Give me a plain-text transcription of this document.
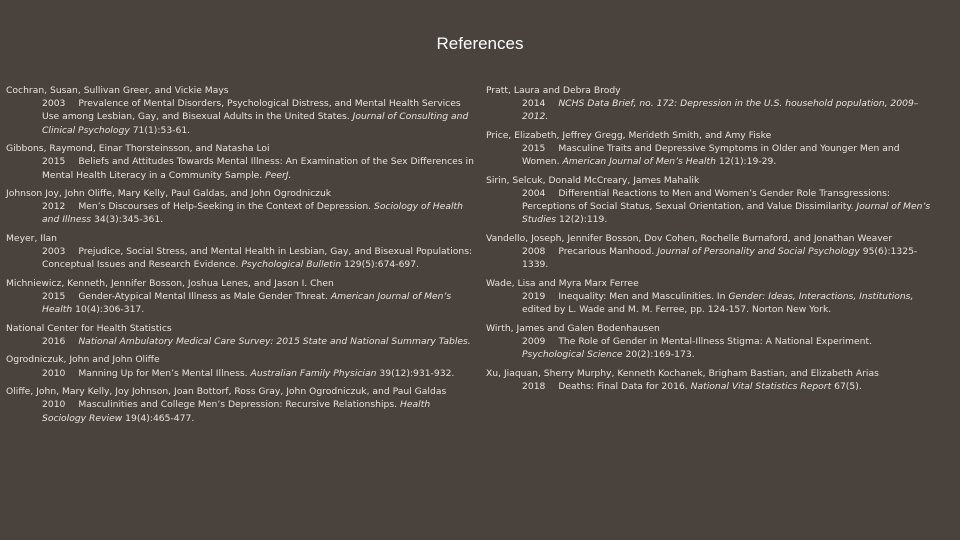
References
Cochran, Susan, Sullivan Greer, and Vickie Mays
2003 Prevalence of Mental Disorders, Psychological Distress, and Mental Health Services Use among Lesbian, Gay, and Bisexual Adults in the United States. Journal of Consulting and Clinical Psychology 71(1):53-61.
Gibbons, Raymond, Einar Thorsteinsson, and Natasha Loi
2015 Beliefs and Attitudes Towards Mental Illness: An Examination of the Sex Differences in Mental Health Literacy in a Community Sample. PeerJ.
Johnson Joy, John Oliffe, Mary Kelly, Paul Galdas, and John Ogrodniczuk
2012 Men’s Discourses of Help-Seeking in the Context of Depression. Sociology of Health and Illness 34(3):345-361.
Meyer, Ilan
2003 Prejudice, Social Stress, and Mental Health in Lesbian, Gay, and Bisexual Populations: Conceptual Issues and Research Evidence. Psychological Bulletin 129(5):674-697.
Michniewicz, Kenneth, Jennifer Bosson, Joshua Lenes, and Jason I. Chen
2015 Gender-Atypical Mental Illness as Male Gender Threat. American Journal of Men’s Health 10(4):306-317.
National Center for Health Statistics
2016 National Ambulatory Medical Care Survey: 2015 State and National Summary Tables.
Ogrodniczuk, John and John Oliffe
2010 Manning Up for Men’s Mental Illness. Australian Family Physician 39(12):931-932.
Oliffe, John, Mary Kelly, Joy Johnson, Joan Bottorf, Ross Gray, John Ogrodniczuk, and Paul Galdas
2010 Masculinities and College Men’s Depression: Recursive Relationships. Health Sociology Review 19(4):465-477.
Pratt, Laura and Debra Brody
2014 NCHS Data Brief, no. 172: Depression in the U.S. household population, 2009–2012.
Price, Elizabeth, Jeffrey Gregg, Merideth Smith, and Amy Fiske
2015 Masculine Traits and Depressive Symptoms in Older and Younger Men and Women. American Journal of Men’s Health 12(1):19-29.
Sirin, Selcuk, Donald McCreary, James Mahalik
2004 Differential Reactions to Men and Women’s Gender Role Transgressions: Perceptions of Social Status, Sexual Orientation, and Value Dissimilarity. Journal of Men’s Studies 12(2):119.
Vandello, Joseph, Jennifer Bosson, Dov Cohen, Rochelle Burnaford, and Jonathan Weaver
2008 Precarious Manhood. Journal of Personality and Social Psychology 95(6):1325-1339.
Wade, Lisa and Myra Marx Ferree
2019 Inequality: Men and Masculinities. In Gender: Ideas, Interactions, Institutions, edited by L. Wade and M. M. Ferree, pp. 124-157. Norton New York.
Wirth, James and Galen Bodenhausen
2009 The Role of Gender in Mental-Illness Stigma: A National Experiment. Psychological Science 20(2):169-173.
Xu, Jiaquan, Sherry Murphy, Kenneth Kochanek, Brigham Bastian, and Elizabeth Arias
2018 Deaths: Final Data for 2016. National Vital Statistics Report 67(5).
